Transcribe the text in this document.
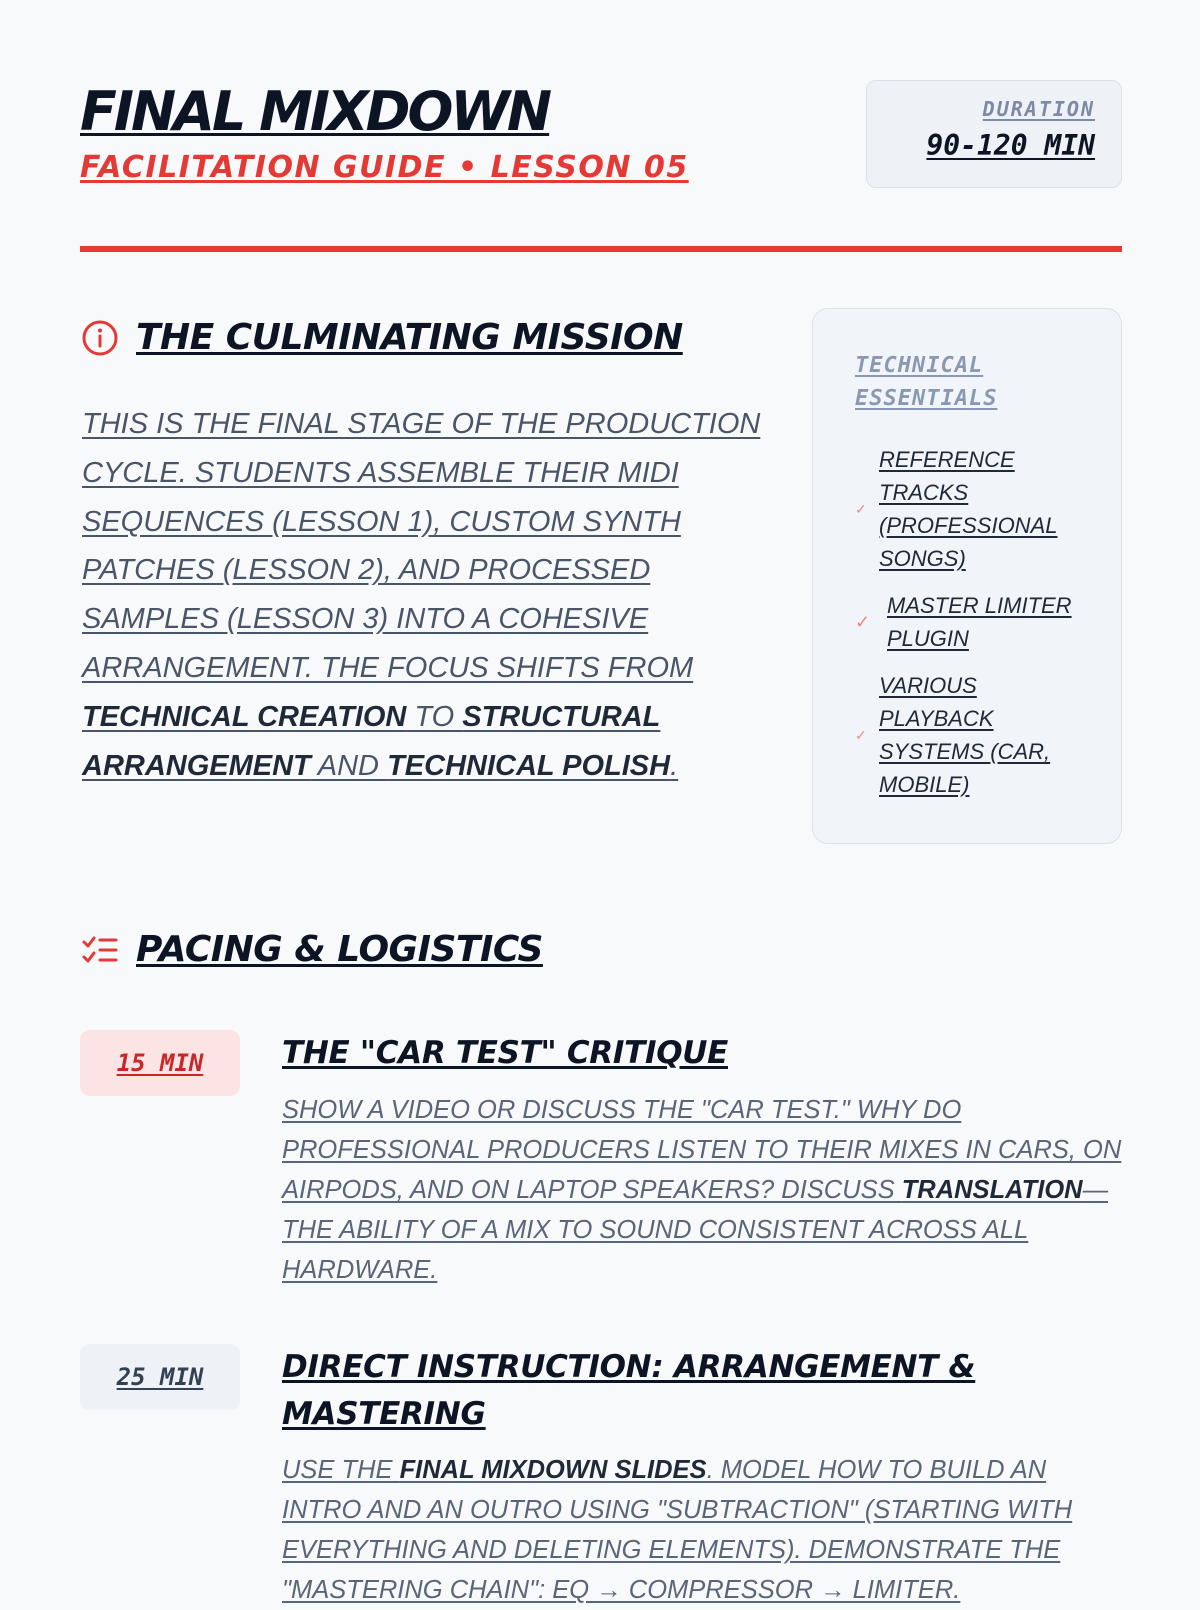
FINAL MIXDOWN
FACILITATION GUIDE • LESSON 05
DURATION
90-120 MIN
THE CULMINATING MISSION
THIS IS THE FINAL STAGE OF THE PRODUCTION CYCLE. STUDENTS ASSEMBLE THEIR MIDI SEQUENCES (LESSON 1), CUSTOM SYNTH PATCHES (LESSON 2), AND PROCESSED SAMPLES (LESSON 3) INTO A COHESIVE ARRANGEMENT. THE FOCUS SHIFTS FROM TECHNICAL CREATION TO STRUCTURAL ARRANGEMENT AND TECHNICAL POLISH.
TECHNICAL ESSENTIALS
✓
REFERENCE TRACKS (PROFESSIONAL SONGS)
✓
MASTER LIMITER PLUGIN
✓
VARIOUS PLAYBACK SYSTEMS (CAR, MOBILE)
PACING & LOGISTICS
15 MIN	THE "CAR TEST" CRITIQUE
SHOW A VIDEO OR DISCUSS THE "CAR TEST." WHY DO PROFESSIONAL PRODUCERS LISTEN TO THEIR MIXES IN CARS, ON AIRPODS, AND ON LAPTOP SPEAKERS? DISCUSS TRANSLATION—THE ABILITY OF A MIX TO SOUND CONSISTENT ACROSS ALL HARDWARE.
25 MIN	DIRECT INSTRUCTION: ARRANGEMENT & MASTERING
USE THE FINAL MIXDOWN SLIDES. MODEL HOW TO BUILD AN INTRO AND AN OUTRO USING "SUBTRACTION" (STARTING WITH EVERYTHING AND DELETING ELEMENTS). DEMONSTRATE THE "MASTERING CHAIN": EQ → COMPRESSOR → LIMITER.
